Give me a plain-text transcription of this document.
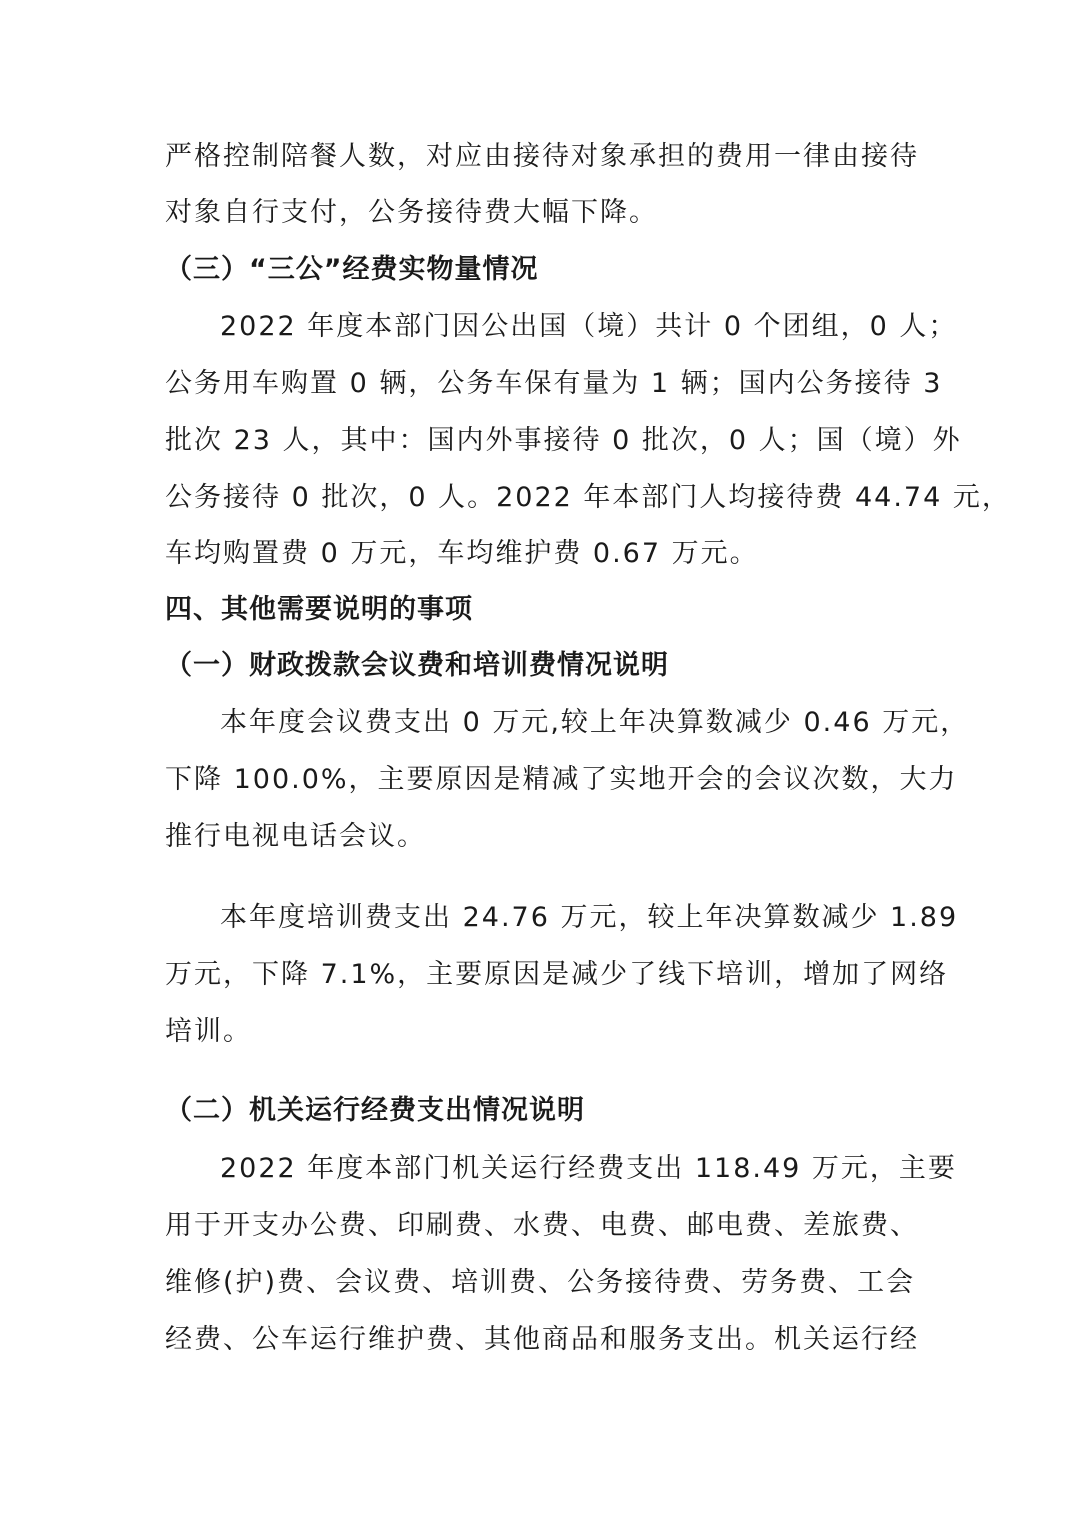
严格控制陪餐人数，对应由接待对象承担的费用一律由接待
对象自行支付，公务接待费大幅下降。
（三）“三公”经费实物量情况
2022 年度本部门因公出国（境）共计 0 个团组，0 人；
公务用车购置 0 辆，公务车保有量为 1 辆；国内公务接待 3
批次 23 人，其中：国内外事接待 0 批次，0 人；国（境）外
公务接待 0 批次，0 人。2022 年本部门人均接待费 44.74 元，
车均购置费 0 万元，车均维护费 0.67 万元。
四、其他需要说明的事项
（一）财政拨款会议费和培训费情况说明
本年度会议费支出 0 万元,较上年决算数减少 0.46 万元，
下降 100.0%，主要原因是精减了实地开会的会议次数，大力
推行电视电话会议。
本年度培训费支出 24.76 万元，较上年决算数减少 1.89
万元，下降 7.1%，主要原因是减少了线下培训，增加了网络
培训。
（二）机关运行经费支出情况说明
2022 年度本部门机关运行经费支出 118.49 万元，主要
用于开支办公费、印刷费、水费、电费、邮电费、差旅费、
维修(护)费、会议费、培训费、公务接待费、劳务费、工会
经费、公车运行维护费、其他商品和服务支出。机关运行经
